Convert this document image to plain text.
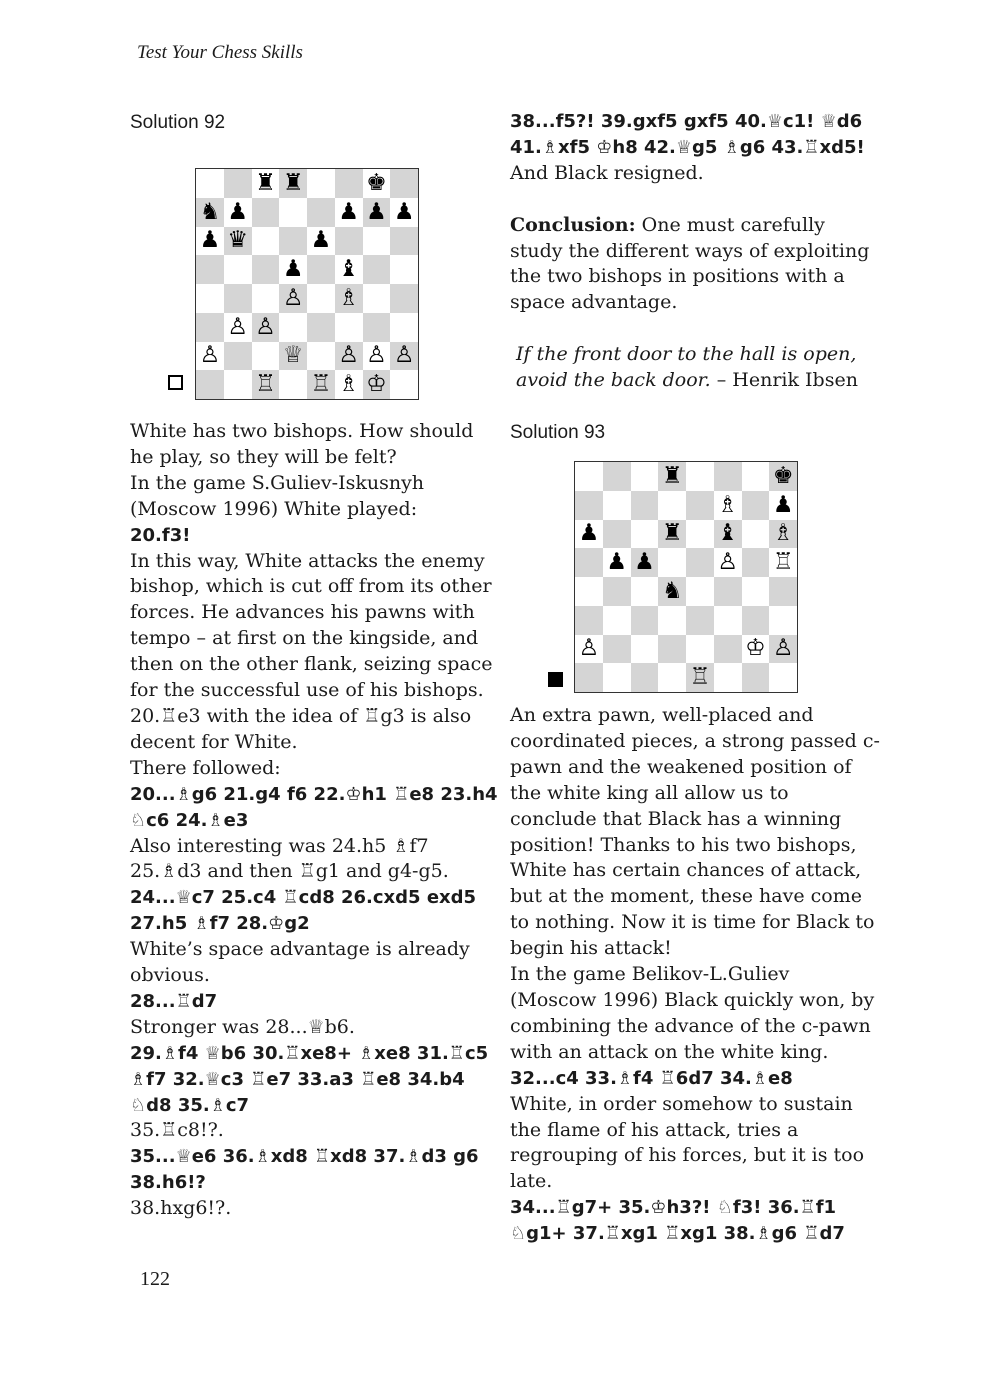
Test Your Chess Skills
Solution 92
♜ ♜	♚
♞ ♟	♟ ♟ ♟
♟ ♛	♟
♟ ♝
♙ ♗
♙ ♙
♙	♕ ♙ ♙ ♙
♖ ♖ ♗ ♔
White has two bishops. How should he play, so they will be felt?
In the game S.Guliev-Iskusnyh (Moscow 1996) White played:
20.f3!
In this way, White attacks the enemy bishop, which is cut off from its other forces. He advances his pawns with tempo – at first on the kingside, and then on the other flank, seizing space for the successful use of his bishops.
20.♖e3 with the idea of ♖g3 is also decent for White.
There followed:
20...♗g6 21.g4 f6 22.♔h1 ♖e8 23.h4 ♘c6 24.♗e3
Also interesting was 24.h5 ♗f7 25.♗d3 and then ♖g1 and g4-g5.
24...♕c7 25.c4 ♖cd8 26.cxd5 exd5 27.h5 ♗f7 28.♔g2
White’s space advantage is already obvious.
28...♖d7
Stronger was 28...♕b6.
29.♗f4 ♕b6 30.♖xe8+ ♗xe8 31.♖c5 ♗f7 32.♕c3 ♖e7 33.a3 ♖e8 34.b4 ♘d8 35.♗c7
35.♖c8!?.
35...♕e6 36.♗xd8 ♖xd8 37.♗d3 g6 38.h6!?
38.hxg6!?.
38...f5?! 39.gxf5 gxf5 40.♕c1! ♕d6 41.♗xf5 ♔h8 42.♕g5 ♗g6 43.♖xd5!
And Black resigned.
Conclusion: One must carefully study the different ways of exploiting the two bishops in positions with a space advantage.
If the front door to the hall is open, avoid the back door. – Henrik Ibsen
Solution 93
♜	♚
♗ ♟
♟	♜ ♝ ♗
♟ ♟	♙ ♖
♞
♙	♔ ♙
♖
An extra pawn, well-placed and coordinated pieces, a strong passed c-pawn and the weakened position of the white king all allow us to conclude that Black has a winning position! Thanks to his two bishops, White has certain chances of attack, but at the moment, these have come to nothing. Now it is time for Black to begin his attack!
In the game Belikov-L.Guliev (Moscow 1996) Black quickly won, by combining the advance of the c-pawn with an attack on the white king.
32...c4 33.♗f4 ♖6d7 34.♗e8
White, in order somehow to sustain the flame of his attack, tries a regrouping of his forces, but it is too late.
34...♖g7+ 35.♔h3?! ♘f3! 36.♖f1 ♘g1+ 37.♖xg1 ♖xg1 38.♗g6 ♖d7
122
